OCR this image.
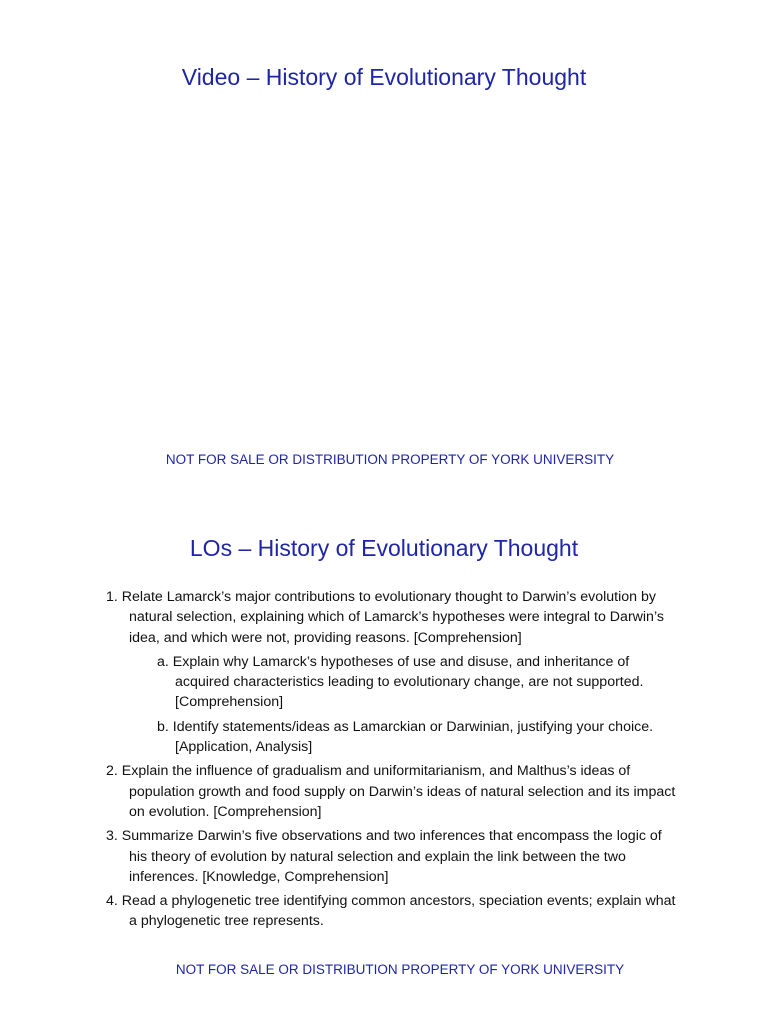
Video – History of Evolutionary Thought
NOT FOR SALE OR DISTRIBUTION PROPERTY OF YORK UNIVERSITY
LOs – History of Evolutionary Thought
1. Relate Lamarck’s major contributions to evolutionary thought to Darwin’s evolution by natural selection, explaining which of Lamarck’s hypotheses were integral to Darwin’s idea, and which were not, providing reasons. [Comprehension]
a. Explain why Lamarck’s hypotheses of use and disuse, and inheritance of acquired characteristics leading to evolutionary change, are not supported. [Comprehension]
b. Identify statements/ideas as Lamarckian or Darwinian, justifying your choice. [Application, Analysis]
2. Explain the influence of gradualism and uniformitarianism, and Malthus’s ideas of population growth and food supply on Darwin’s ideas of natural selection and its impact on evolution. [Comprehension]
3. Summarize Darwin’s five observations and two inferences that encompass the logic of his theory of evolution by natural selection and explain the link between the two inferences. [Knowledge, Comprehension]
4. Read a phylogenetic tree identifying common ancestors, speciation events; explain what a phylogenetic tree represents.
NOT FOR SALE OR DISTRIBUTION PROPERTY OF YORK UNIVERSITY
